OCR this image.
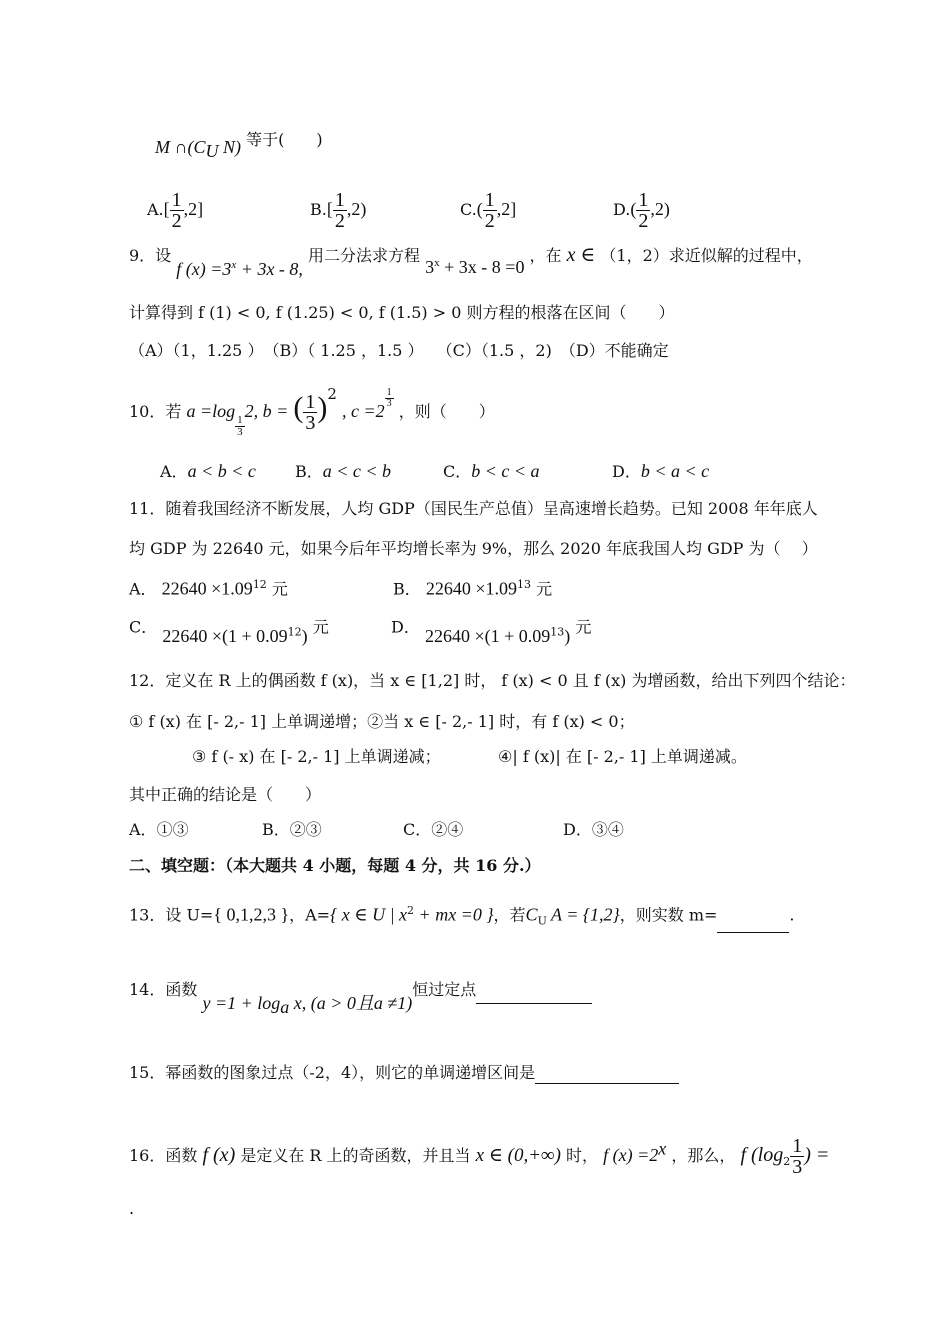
M $\cap(C_U$ N) 等于(　　)
$A.[ \frac{1}{2} ,2]$	$B.[ \frac{1}{2} ,2)$	$C.( \frac{1}{2} ,2]$	$D.( \frac{1}{2} ,2)$
9．设 f $(x) =3^x + 3x - 8$, 用二分法求方程 $3^x + 3x - 8 =0$ ，在 x ∈ （1，2）求近似解的过程中，
计算得到 f (1) < 0, f (1.25) < 0, f (1.5) > 0 则方程的根落在区间（　　）
（A）（1，1.25 ）　（B）（ 1.25 ，1.5 ）　 （C）（1.5 ，2)　（D）不能确定
10．若 a =log
$\frac{1}{3}$
2, b = ( $\frac{1}{3} )^2$ , c =2
$\frac{1}{3}$
，则（　　）
A．a < b < c B．a < c < b	C．b < c < a	D．b < a < c
11．随着我国经济不断发展，人均 GDP（国民生产总值）呈高速增长趋势。已知 2008 年年底人
均 GDP 为 22640 元，如果今后年平均增长率为 9%，那么 2020 年底我国人均 GDP 为（　 ）
A． $22640 \times 1.09^{12}$ 元	B． $22640 \times 1.09^{13}$ 元
C． $22640 \times(1 + 0.09^{12})$ 元	D． $22640 \times(1 + 0.09^{13})$ 元
12．定义在 R 上的偶函数 f (x)，当 x ∈ [1,2] 时， f (x) < 0 且 f (x) 为增函数，给出下列四个结论：
① f (x) 在 [- 2,- 1] 上单调递增；②当 x ∈ [- 2,- 1] 时，有 f (x) < 0；
③ f (- x) 在 [- 2,- 1] 上单调递减；	④| f (x)| 在 [- 2,- 1] 上单调递减。
其中正确的结论是（　　）
A．①③	B．②③	C．②④	D．③④
二、填空题：（本大题共 4 小题，每题 4 分，共 16 分.）
13．设 U={ 0,1,2,3 }，A={ x ∈ U | $x^2$ + mx =0 }，若$C_U$ A = {1,2}，则实数 m=	.
14．函数 $y =1 + \log_a x$, (a > 0且a ≠1)恒过定点
15．幂函数的图象过点（-2，4），则它的单调递增区间是
16．函数 f (x) 是定义在 R 上的奇函数，并且当 x ∈ (0,+∞) 时， f $(x) =2^x$ ，那么， f ($\log_2 \frac{1}{3}$ ) =
.
